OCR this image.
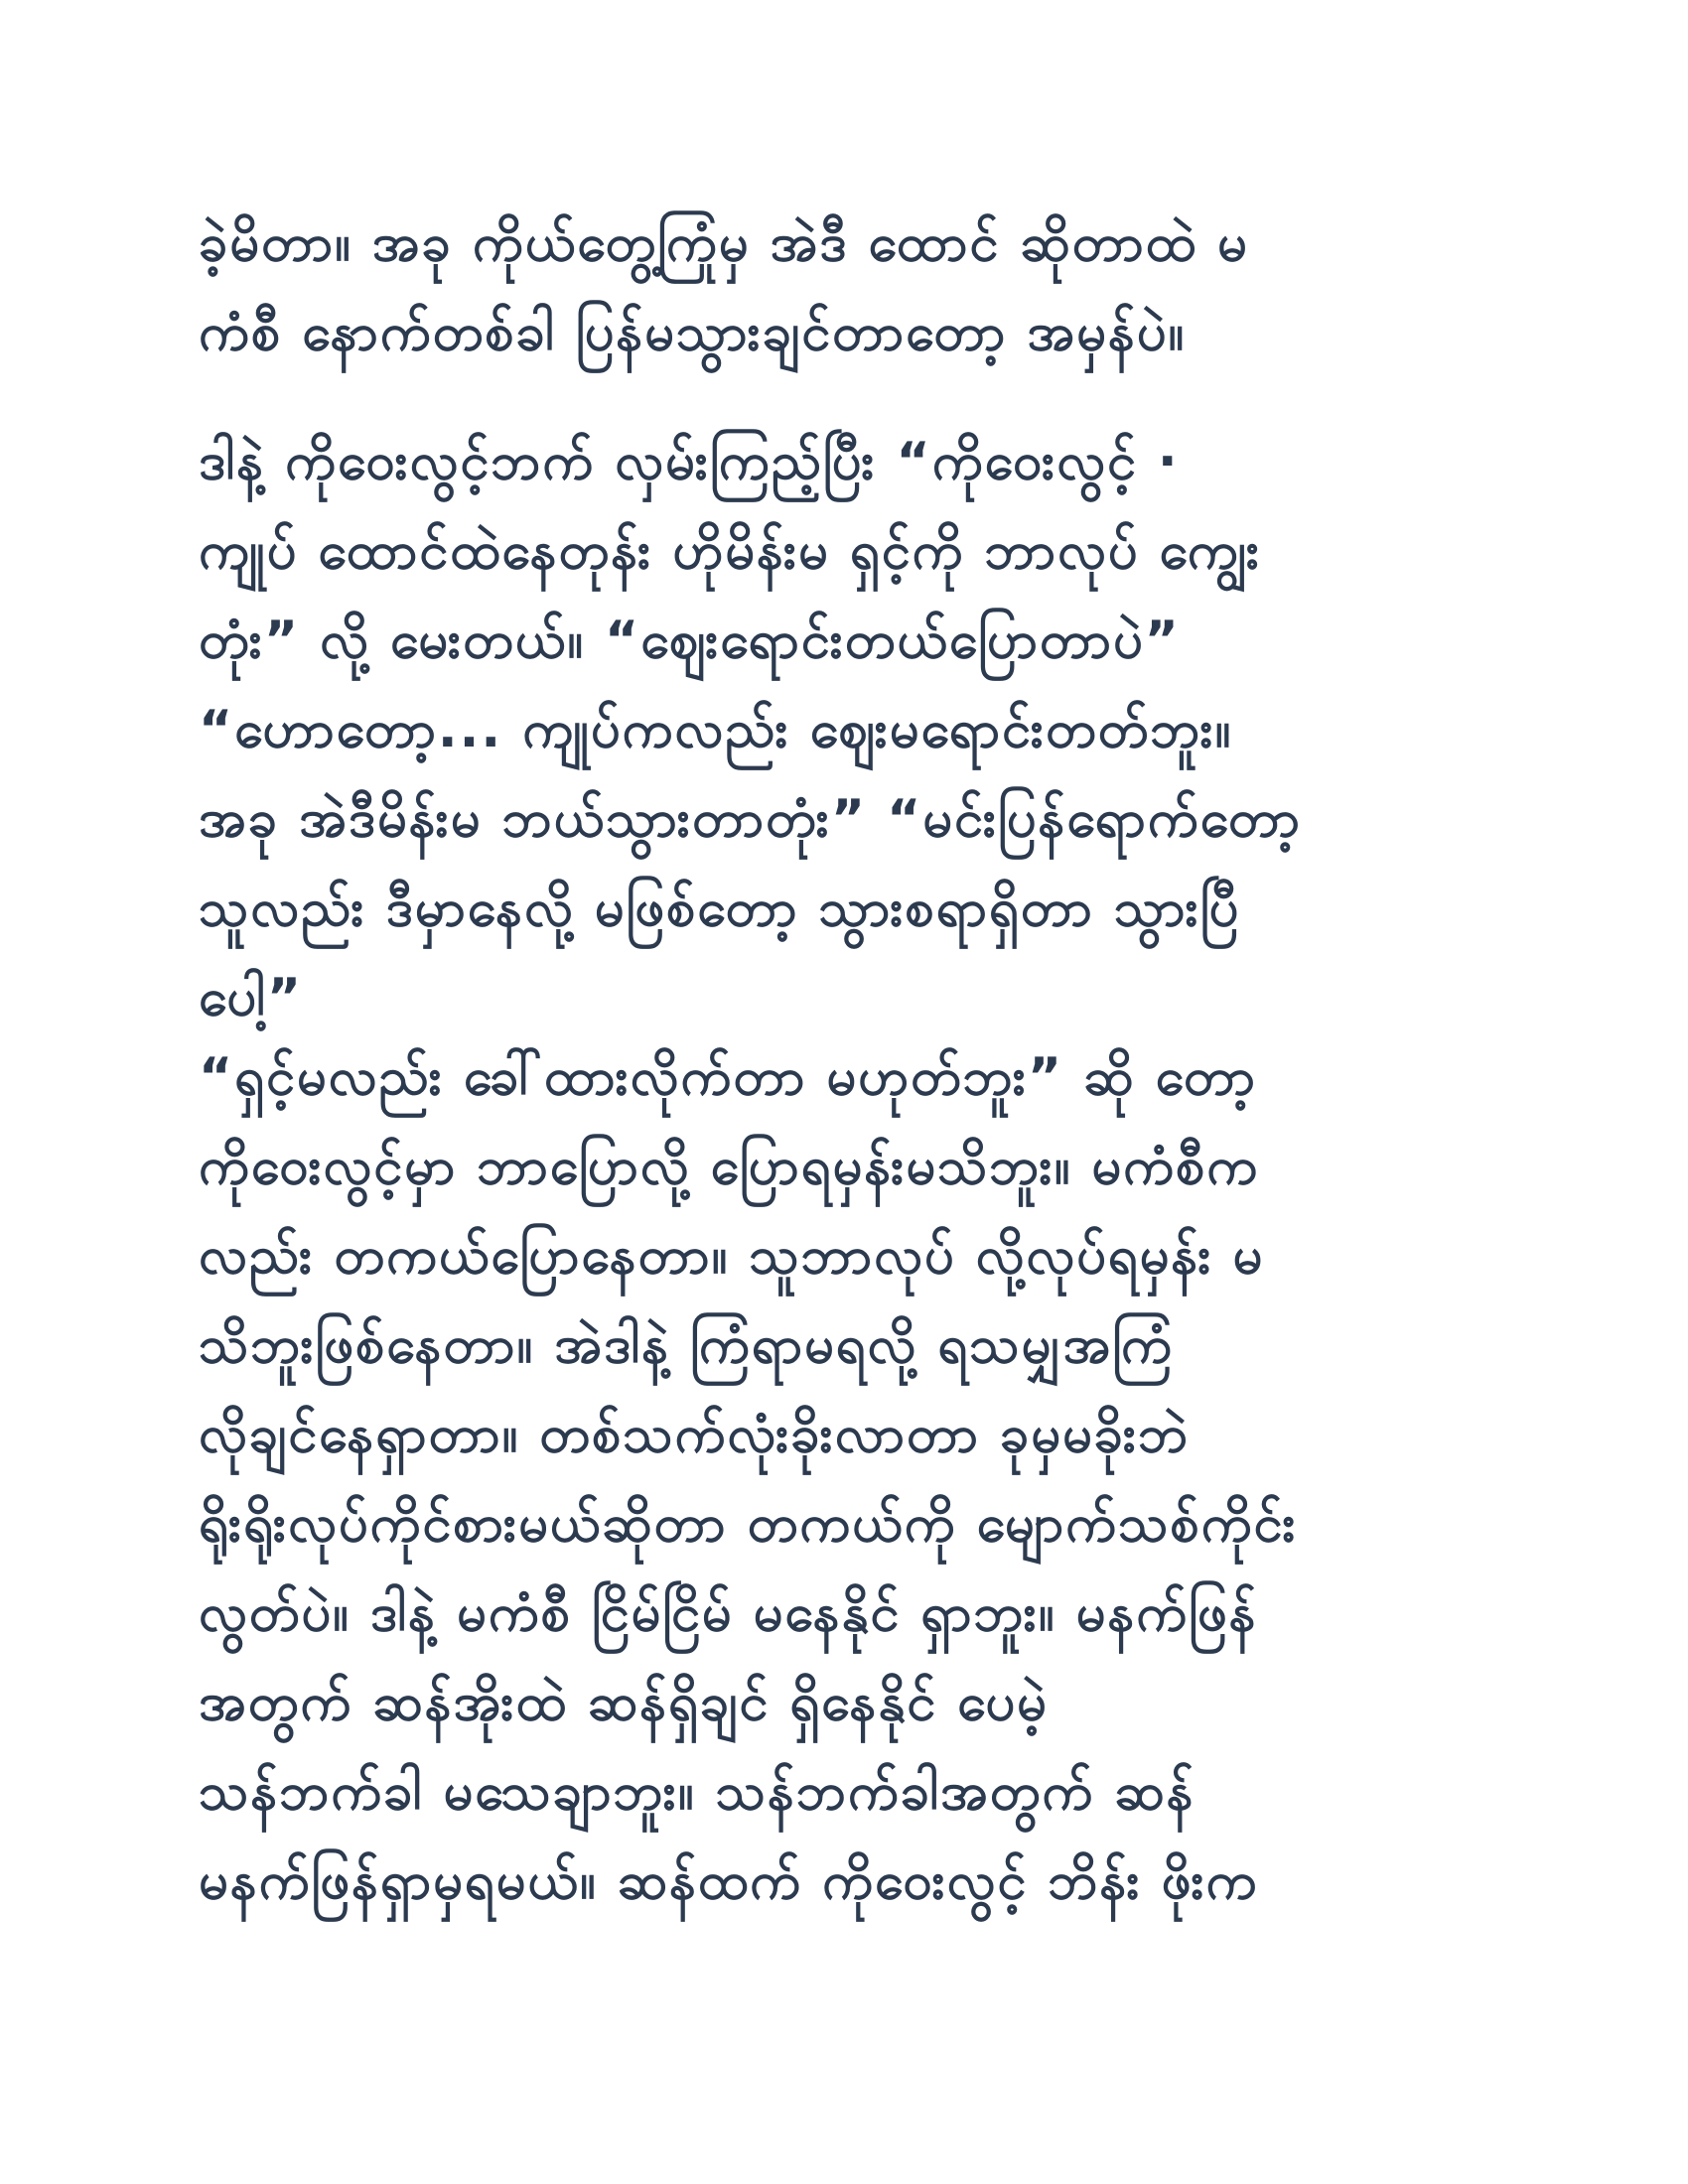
ခဲ့မိတာ။ အခု ကိုယ်တွေ့ကြုံမှ အဲဒီ ထောင် ဆိုတာထဲ မ
ကံစီ နောက်တစ်ခါ ပြန်မသွားချင်တာတော့ အမှန်ပဲ။
ဒါနဲ့ ကိုဝေးလွင့်ဘက် လှမ်းကြည့်ပြီး “ကိုဝေးလွင့် ·
ကျုပ် ထောင်ထဲနေတုန်း ဟိုမိန်းမ ရှင့်ကို ဘာလုပ် ကျွေး
တုံး” လို့ မေးတယ်။ “ဈေးရောင်းတယ်ပြောတာပဲ”
“ဟောတော့... ကျုပ်ကလည်း ဈေးမရောင်းတတ်ဘူး။
အခု အဲဒီမိန်းမ ဘယ်သွားတာတုံး” “မင်းပြန်ရောက်တော့
သူလည်း ဒီမှာနေလို့ မဖြစ်တော့ သွားစရာရှိတာ သွားပြီ
ပေါ့”
“ရှင့်မလည်း ခေါ်ထားလိုက်တာ မဟုတ်ဘူး” ဆို တော့
ကိုဝေးလွင့်မှာ ဘာပြောလို့ ပြောရမှန်းမသိဘူး။ မကံစီက
လည်း တကယ်ပြောနေတာ။ သူဘာလုပ် လို့လုပ်ရမှန်း မ
သိဘူးဖြစ်နေတာ။ အဲဒါနဲ့ ကြံရာမရလို့ ရသမျှအကြံ
လိုချင်နေရှာတာ။ တစ်သက်လုံးခိုးလာတာ ခုမှမခိုးဘဲ
ရိုးရိုးလုပ်ကိုင်စားမယ်ဆိုတာ တကယ်ကို မျောက်သစ်ကိုင်း
လွတ်ပဲ။ ဒါနဲ့ မကံစီ ငြိမ်ငြိမ် မနေနိုင် ရှာဘူး။ မနက်ဖြန်
အတွက် ဆန်အိုးထဲ ဆန်ရှိချင် ရှိနေနိုင် ပေမဲ့
သန်ဘက်ခါ မသေချာဘူး။ သန်ဘက်ခါအတွက် ဆန်
မနက်ဖြန်ရှာမှရမယ်။ ဆန်ထက် ကိုဝေးလွင့် ဘိန်း ဖိုးက
